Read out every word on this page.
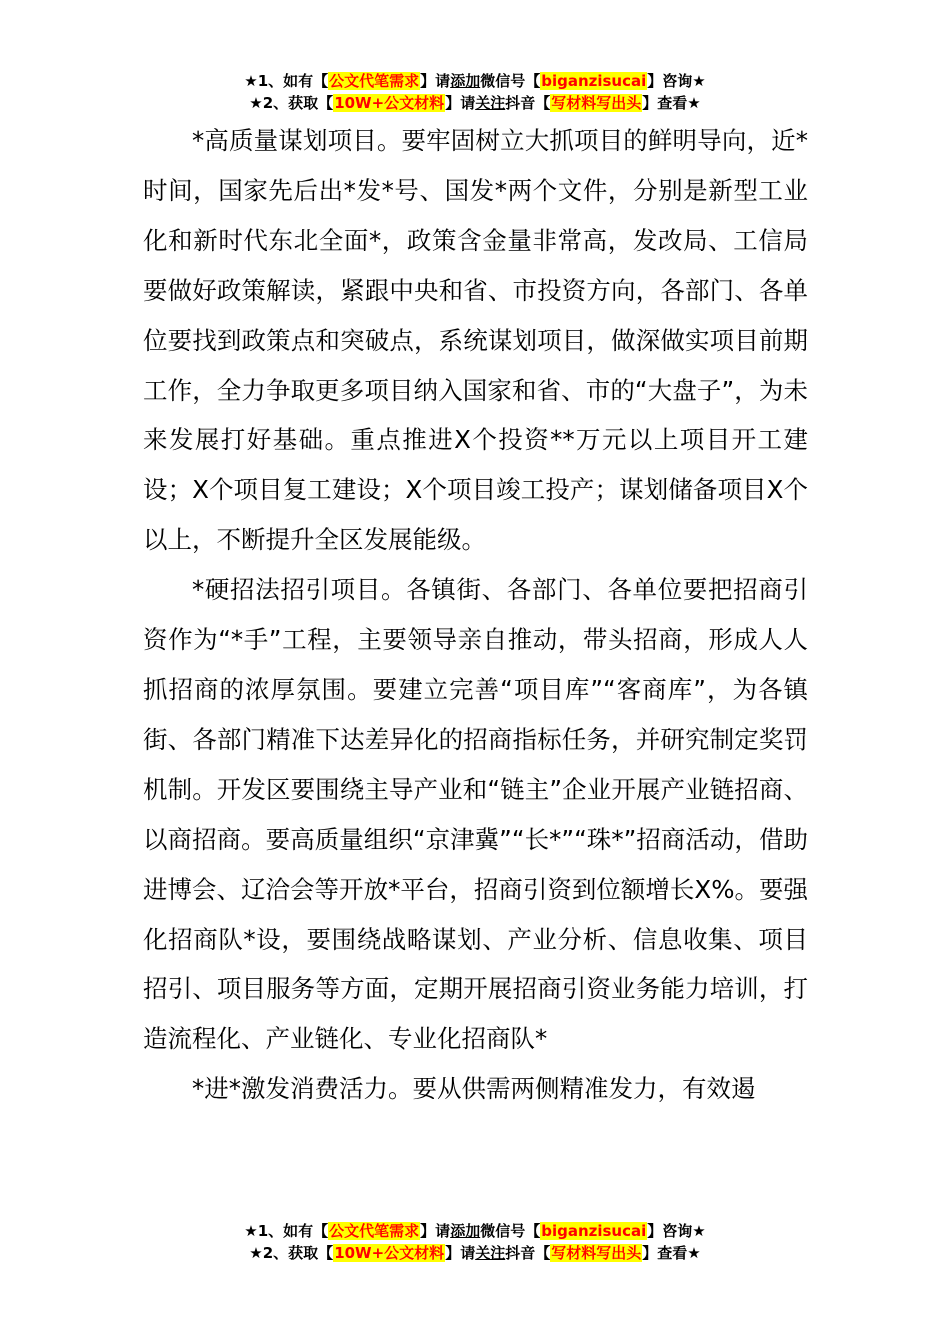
★1、如有【公文代笔需求】请添加微信号【biganzisucai】咨询★
★2、获取【10W+公文材料】请关注抖音【写材料写出头】查看★

*高质量谋划项目。要牢固树立大抓项目的鲜明导向，近*时间，国家先后出*发*号、国发*两个文件，分别是新型工业化和新时代东北全面*，政策含金量非常高，发改局、工信局要做好政策解读，紧跟中央和省、市投资方向，各部门、各单位要找到政策点和突破点，系统谋划项目，做深做实项目前期工作，全力争取更多项目纳入国家和省、市的“大盘子”，为未来发展打好基础。重点推进X个投资**万元以上项目开工建设；X个项目复工建设；X个项目竣工投产；谋划储备项目X个以上，不断提升全区发展能级。

*硬招法招引项目。各镇街、各部门、各单位要把招商引资作为“*手”工程，主要领导亲自推动，带头招商，形成人人抓招商的浓厚氛围。要建立完善“项目库”“客商库”，为各镇街、各部门精准下达差异化的招商指标任务，并研究制定奖罚机制。开发区要围绕主导产业和“链主”企业开展产业链招商、以商招商。要高质量组织“京津冀”“长*”“珠*”招商活动，借助进博会、辽洽会等开放*平台，招商引资到位额增长X%。要强化招商队*设，要围绕战略谋划、产业分析、信息收集、项目招引、项目服务等方面，定期开展招商引资业务能力培训，打造流程化、产业链化、专业化招商队*

*进*激发消费活力。要从供需两侧精准发力，有效遏

★1、如有【公文代笔需求】请添加微信号【biganzisucai】咨询★
★2、获取【10W+公文材料】请关注抖音【写材料写出头】查看★
